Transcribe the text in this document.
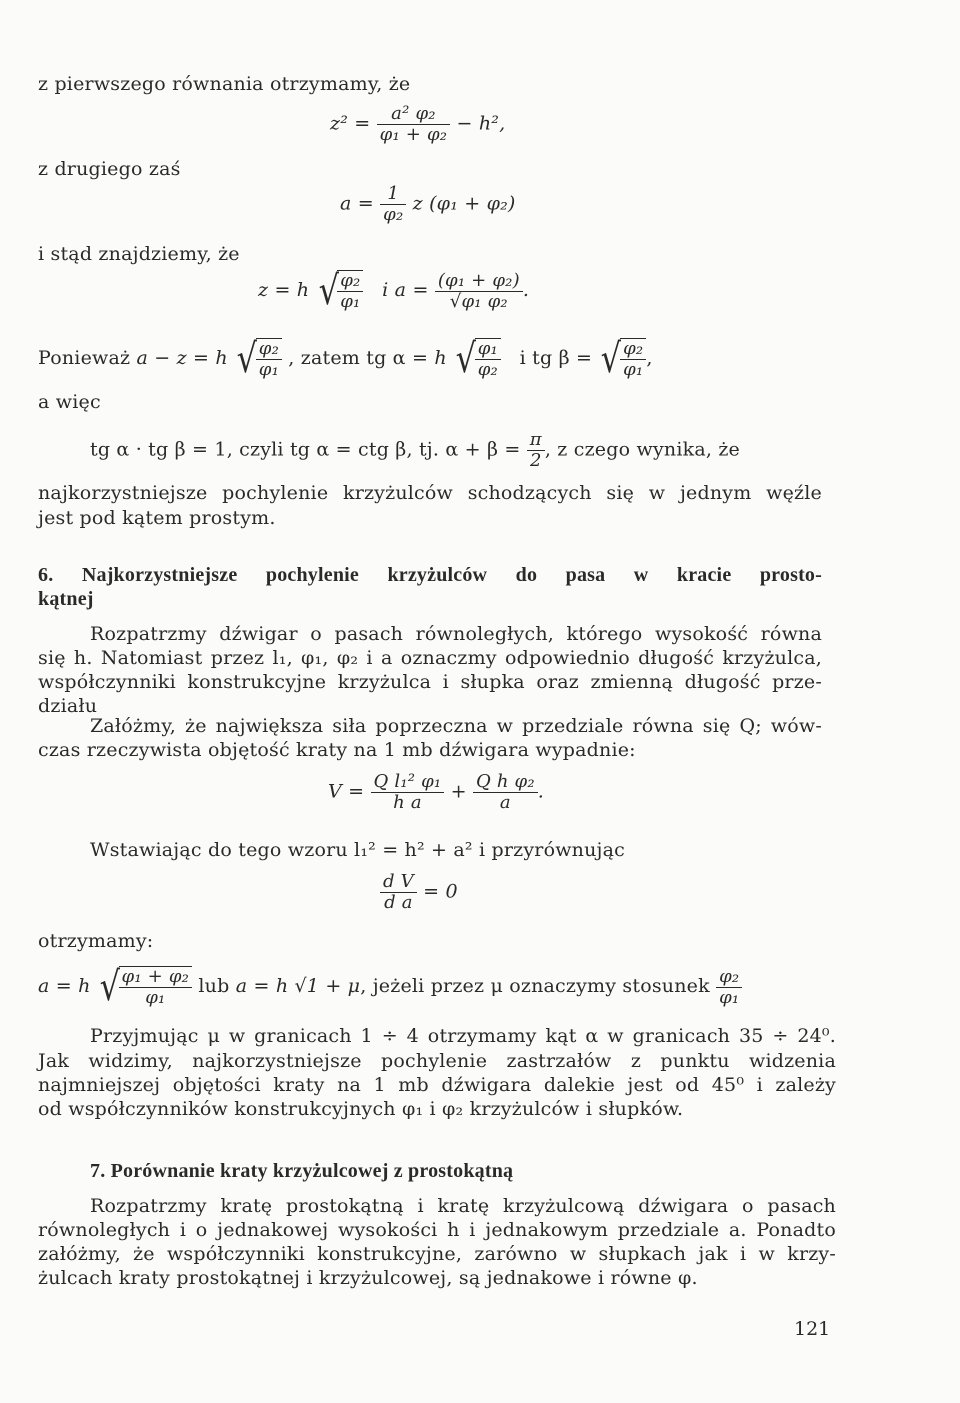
z pierwszego równania otrzymamy, że
$z^2 = \frac{\text{a² φ₂}}{\text{φ₁ + φ₂}} - h^2$,
z drugiego zaś
$a = \frac{1}{\text{φ₂}}$ z (φ₁ + φ₂)
i stąd znajdziemy, że
z = h √
$\frac{\text{φ₂}}{\text{φ₁}}$ i $a = \frac{\text{(φ₁ + φ₂)}}{\text{√φ₁ φ₂}}$ .
Ponieważ a − z = h √
$\frac{\text{φ₂}}{\text{φ₁}}$ , zatem tg α = h √
$\frac{\text{φ₁}}{\text{φ₂}}$ i tg β = √
$\frac{\text{φ₂}}{\text{φ₁}}$ ,
a więc
tg α · tg β = 1, czyli tg α = ctg β, tj. $\alpha + \beta = \frac{\pi}{2}$ , z czego wynika, że
najkorzystniejsze pochylenie krzyżulców schodzących się w jednym węźle
jest pod kątem prostym.
6. Najkorzystniejsze pochylenie krzyżulców do pasa w kracie prosto-
kątnej
Rozpatrzmy dźwigar o pasach równoległych, którego wysokość równa
się h. Natomiast przez l₁, φ₁, φ₂ i a oznaczmy odpowiednio długość krzyżulca,
współczynniki konstrukcyjne krzyżulca i słupka oraz zmienną długość prze-
działu
Załóżmy, że największa siła poprzeczna w przedziale równa się Q; wów-
czas rzeczywista objętość kraty na 1 mb dźwigara wypadnie:
$V = \frac{\text{Q l₁² φ₁}}{\text{h a}} + \frac{\text{Q h φ₂}}{a}$ .
Wstawiając do tego wzoru l₁² = h² + a² i przyrównując
$\frac{\text{d V}}{\text{d a}} = 0$
otrzymamy:
a = h √
$\frac{\text{φ₁ + φ₂}}{\text{φ₁}}$ lub a = h √1 + μ, jeżeli przez μ oznaczymy stosunek $\frac{\text{φ₂}}{\text{φ₁}}$
Przyjmując μ w granicach 1 ÷ 4 otrzymamy kąt α w granicach 35 ÷ 24⁰.
Jak widzimy, najkorzystniejsze pochylenie zastrzałów z punktu widzenia
najmniejszej objętości kraty na 1 mb dźwigara dalekie jest od 45⁰ i zależy
od współczynników konstrukcyjnych φ₁ i φ₂ krzyżulców i słupków.
7. Porównanie kraty krzyżulcowej z prostokątną
Rozpatrzmy kratę prostokątną i kratę krzyżulcową dźwigara o pasach
równoległych i o jednakowej wysokości h i jednakowym przedziale a. Ponadto
załóżmy, że współczynniki konstrukcyjne, zarówno w słupkach jak i w krzy-
żulcach kraty prostokątnej i krzyżulcowej, są jednakowe i równe φ.
121
